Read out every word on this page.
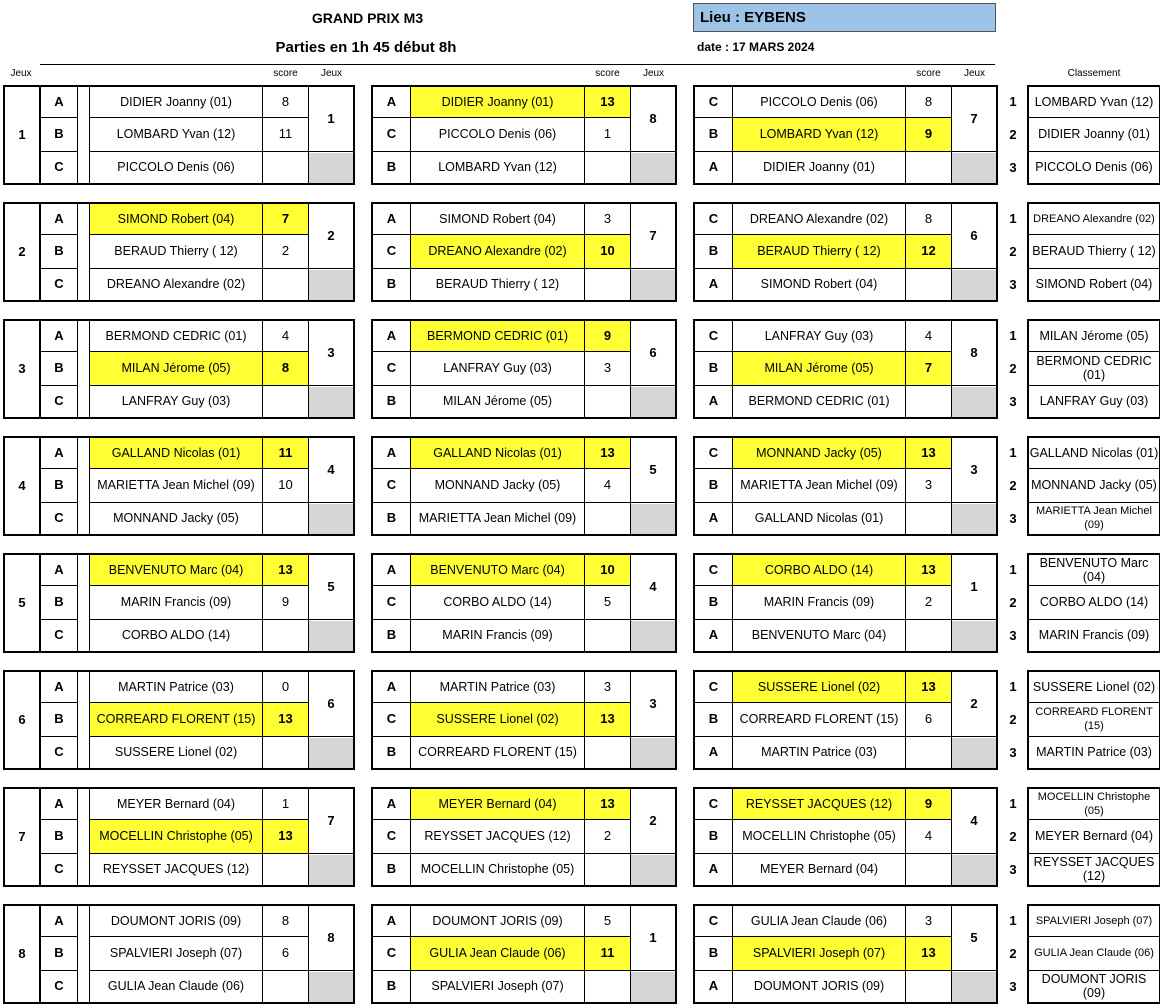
GRAND PRIX M3
Parties en 1h 45 début 8h
Lieu : EYBENS
date : 17 MARS 2024
Jeux	score	Jeux	score	Jeux	score	Jeux	Classement
1
A	DIDIER Joanny (01)	8
B	LOMBARD Yvan (12)	11
C	PICCOLO Denis (06)
1
A	DIDIER Joanny (01)	13
C	PICCOLO Denis (06)	1
B	LOMBARD Yvan (12)
8
C	PICCOLO Denis (06)	8
B	LOMBARD Yvan (12)	9
A	DIDIER Joanny (01)
7
1	LOMBARD Yvan (12)
2	DIDIER Joanny (01)
3	PICCOLO Denis (06)
2
A	SIMOND Robert (04)	7
B	BERAUD Thierry ( 12)	2
C	DREANO Alexandre (02)
2
A	SIMOND Robert (04)	3
C	DREANO Alexandre (02)	10
B	BERAUD Thierry ( 12)
7
C	DREANO Alexandre (02)	8
B	BERAUD Thierry ( 12)	12
A	SIMOND Robert (04)
6
1	DREANO Alexandre (02)
2	BERAUD Thierry ( 12)
3	SIMOND Robert (04)
3
A	BERMOND CEDRIC (01)	4
B	MILAN Jérome (05)	8
C	LANFRAY Guy (03)
3
A	BERMOND CEDRIC (01)	9
C	LANFRAY Guy (03)	3
B	MILAN Jérome (05)
6
C	LANFRAY Guy (03)	4
B	MILAN Jérome (05)	7
A	BERMOND CEDRIC (01)
8
1	MILAN Jérome (05)
2	BERMOND CEDRIC (01)
3	LANFRAY Guy (03)
4
A	GALLAND Nicolas (01)	11
B	MARIETTA Jean Michel (09)	10
C	MONNAND Jacky (05)
4
A	GALLAND Nicolas (01)	13
C	MONNAND Jacky (05)	4
B	MARIETTA Jean Michel (09)
5
C	MONNAND Jacky (05)	13
B	MARIETTA Jean Michel (09)	3
A	GALLAND Nicolas (01)
3
1	GALLAND Nicolas (01)
2	MONNAND Jacky (05)
3	MARIETTA Jean Michel (09)
5
A	BENVENUTO Marc (04)	13
B	MARIN Francis (09)	9
C	CORBO ALDO (14)
5
A	BENVENUTO Marc (04)	10
C	CORBO ALDO (14)	5
B	MARIN Francis (09)
4
C	CORBO ALDO (14)	13
B	MARIN Francis (09)	2
A	BENVENUTO Marc (04)
1
1	BENVENUTO Marc (04)
2	CORBO ALDO (14)
3	MARIN Francis (09)
6
A	MARTIN Patrice (03)	0
B	CORREARD FLORENT (15)	13
C	SUSSERE Lionel (02)
6
A	MARTIN Patrice (03)	3
C	SUSSERE Lionel (02)	13
B	CORREARD FLORENT (15)
3
C	SUSSERE Lionel (02)	13
B	CORREARD FLORENT (15)	6
A	MARTIN Patrice (03)
2
1	SUSSERE Lionel (02)
2	CORREARD FLORENT (15)
3	MARTIN Patrice (03)
7
A	MEYER Bernard (04)	1
B	MOCELLIN Christophe (05)	13
C	REYSSET JACQUES (12)
7
A	MEYER Bernard (04)	13
C	REYSSET JACQUES (12)	2
B	MOCELLIN Christophe (05)
2
C	REYSSET JACQUES (12)	9
B	MOCELLIN Christophe (05)	4
A	MEYER Bernard (04)
4
1	MOCELLIN Christophe (05)
2	MEYER Bernard (04)
3	REYSSET JACQUES (12)
8
A	DOUMONT JORIS (09)	8
B	SPALVIERI Joseph (07)	6
C	GULIA Jean Claude (06)
8
A	DOUMONT JORIS (09)	5
C	GULIA Jean Claude (06)	11
B	SPALVIERI Joseph (07)
1
C	GULIA Jean Claude (06)	3
B	SPALVIERI Joseph (07)	13
A	DOUMONT JORIS (09)
5
1	SPALVIERI Joseph (07)
2	GULIA Jean Claude (06)
3	DOUMONT JORIS (09)
